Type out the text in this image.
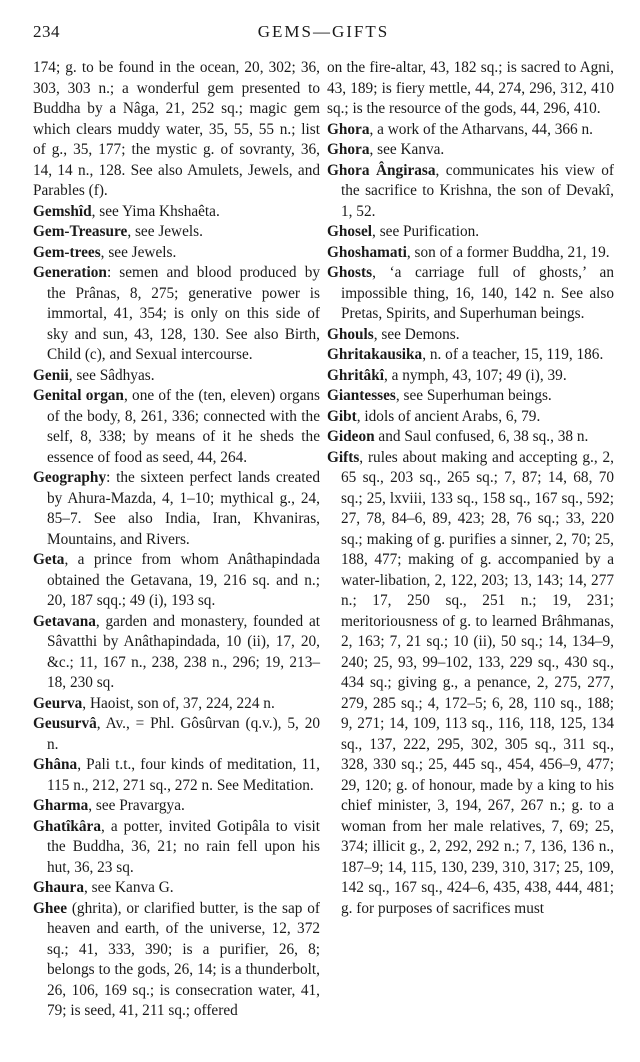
234	GEMS—GIFTS
174; g. to be found in the ocean, 20, 302; 36, 303, 303 n.; a wonderful gem presented to Buddha by a Nâga, 21, 252 sq.; magic gem which clears muddy water, 35, 55, 55 n.; list of g., 35, 177; the mystic g. of sovranty, 36, 14, 14 n., 128. See also Amulets, Jewels, and Parables (f).
Gemshîd, see Yima Khshaêta.
Gem-Treasure, see Jewels.
Gem-trees, see Jewels.
Generation: semen and blood produced by the Prânas, 8, 275; generative power is immortal, 41, 354; is only on this side of sky and sun, 43, 128, 130. See also Birth, Child (c), and Sexual intercourse.
Genii, see Sâdhyas.
Genital organ, one of the (ten, eleven) organs of the body, 8, 261, 336; connected with the self, 8, 338; by means of it he sheds the essence of food as seed, 44, 264.
Geography: the sixteen perfect lands created by Ahura-Mazda, 4, 1–10; mythical g., 24, 85–7. See also India, Iran, Khvaniras, Mountains, and Rivers.
Geta, a prince from whom Anâthapindada obtained the Getavana, 19, 216 sq. and n.; 20, 187 sqq.; 49 (i), 193 sq.
Getavana, garden and monastery, founded at Sâvatthi by Anâthapindada, 10 (ii), 17, 20, &c.; 11, 167 n., 238, 238 n., 296; 19, 213–18, 230 sq.
Geurva, Haoist, son of, 37, 224, 224 n.
Geusurvâ, Av., = Phl. Gôsûrvan (q.v.), 5, 20 n.
Ghâna, Pali t.t., four kinds of meditation, 11, 115 n., 212, 271 sq., 272 n. See Meditation.
Gharma, see Pravargya.
Ghatîkâra, a potter, invited Gotipâla to visit the Buddha, 36, 21; no rain fell upon his hut, 36, 23 sq.
Ghaura, see Kanva G.
Ghee (ghrita), or clarified butter, is the sap of heaven and earth, of the universe, 12, 372 sq.; 41, 333, 390; is a purifier, 26, 8; belongs to the gods, 26, 14; is a thunderbolt, 26, 106, 169 sq.; is consecration water, 41, 79; is seed, 41, 211 sq.; offered
on the fire-altar, 43, 182 sq.; is sacred to Agni, 43, 189; is fiery mettle, 44, 274, 296, 312, 410 sq.; is the resource of the gods, 44, 296, 410.
Ghora, a work of the Atharvans, 44, 366 n.
Ghora, see Kanva.
Ghora Ângirasa, communicates his view of the sacrifice to Krishna, the son of Devakî, 1, 52.
Ghosel, see Purification.
Ghoshamati, son of a former Buddha, 21, 19.
Ghosts, ‘a carriage full of ghosts,’ an impossible thing, 16, 140, 142 n. See also Pretas, Spirits, and Superhuman beings.
Ghouls, see Demons.
Ghritakausika, n. of a teacher, 15, 119, 186.
Ghritâkî, a nymph, 43, 107; 49 (i), 39.
Giantesses, see Superhuman beings.
Gibt, idols of ancient Arabs, 6, 79.
Gideon and Saul confused, 6, 38 sq., 38 n.
Gifts, rules about making and accepting g., 2, 65 sq., 203 sq., 265 sq.; 7, 87; 14, 68, 70 sq.; 25, lxviii, 133 sq., 158 sq., 167 sq., 592; 27, 78, 84–6, 89, 423; 28, 76 sq.; 33, 220 sq.; making of g. purifies a sinner, 2, 70; 25, 188, 477; making of g. accompanied by a water-libation, 2, 122, 203; 13, 143; 14, 277 n.; 17, 250 sq., 251 n.; 19, 231; meritoriousness of g. to learned Brâhmanas, 2, 163; 7, 21 sq.; 10 (ii), 50 sq.; 14, 134–9, 240; 25, 93, 99–102, 133, 229 sq., 430 sq., 434 sq.; giving g., a penance, 2, 275, 277, 279, 285 sq.; 4, 172–5; 6, 28, 110 sq., 188; 9, 271; 14, 109, 113 sq., 116, 118, 125, 134 sq., 137, 222, 295, 302, 305 sq., 311 sq., 328, 330 sq.; 25, 445 sq., 454, 456–9, 477; 29, 120; g. of honour, made by a king to his chief minister, 3, 194, 267, 267 n.; g. to a woman from her male relatives, 7, 69; 25, 374; illicit g., 2, 292, 292 n.; 7, 136, 136 n., 187–9; 14, 115, 130, 239, 310, 317; 25, 109, 142 sq., 167 sq., 424–6, 435, 438, 444, 481; g. for purposes of sacrifices must
